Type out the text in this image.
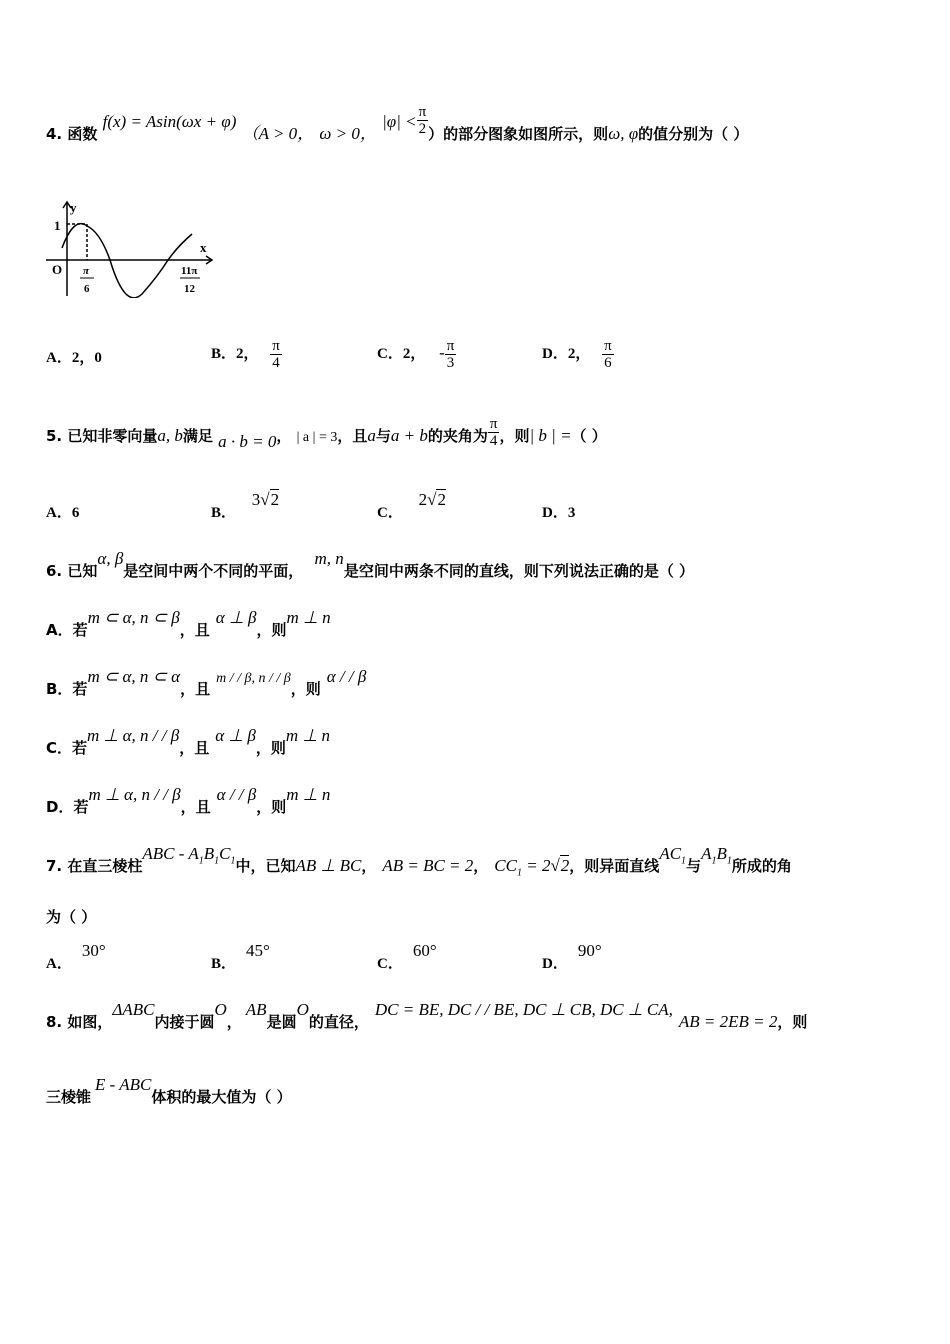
4. 函数 f(x) = Asin(ωx + φ) （A > 0， ω > 0， $|\varphi| < \frac{\pi}{2}$ ）的部分图象如图所示，则ω, φ的值分别为（ ）
y
x
1
O π
6
11π
12
A．2，0	B．2， $\frac{\pi}{4}$	C．2， - $\frac{\pi}{3}$	D．2， $\frac{\pi}{6}$
5. 已知非零向量a, b满足 a · b = 0， | a | = 3，且a与a + b的夹角为 $\frac{\pi}{4}$ ，则| b | =（ ）
A．6	B． 3√2
C． 2√2
D．3
6. 已知α, β是空间中两个不同的平面， m, n是空间中两条不同的直线，则下列说法正确的是（ ）
A．若m ⊂ α, n ⊂ β，且α ⊥ β，则m ⊥ n
B．若m ⊂ α, n ⊂ α，且m / / β, n / / β，则α / / β
C．若m ⊥ α, n / / β，且α ⊥ β，则m ⊥ n
D．若m ⊥ α, n / / β，且α / / β，则m ⊥ n
7. 在直三棱柱ABC - $A_1B_1C_1$中，已知AB ⊥ BC， AB = BC = 2， $CC_1 = 2√2$，则异面直线$AC_1$与$A_1B_1$所成的角
为（ ）
A．30°
B．45°
C．60°
D．90°
8. 如图，ΔABC内接于圆O，AB是圆O的直径，DC = BE, DC / / BE, DC ⊥ CB, DC ⊥ CA,AB = 2EB = 2，则
三棱锥E - ABC体积的最大值为（ ）
